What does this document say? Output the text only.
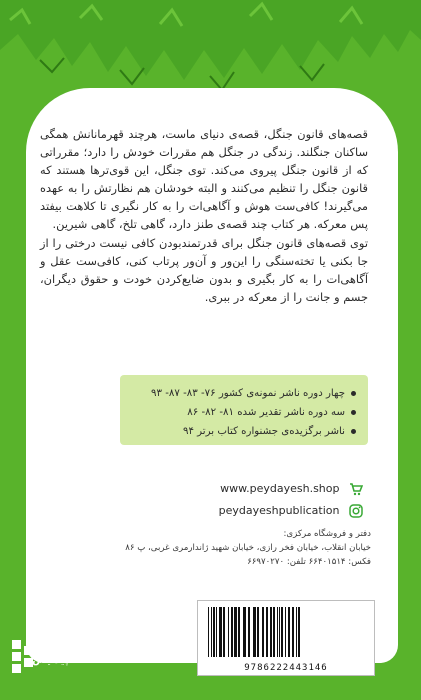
قصه‌های قانون جنگل، قصه‌ی دنیای ماست، هرچند قهرمانانش همگی ساکنان جنگلند. زندگی در جنگل هم مقررات خودش را دارد؛ مقرراتی که از قانون جنگل پیروی می‌کند. توی جنگل، این قوی‌ترها هستند که قانون جنگل را تنظیم می‌کنند و البته خودشان هم نظارتش را به عهده می‌گیرند! کافی‌ست هوش و آگاهی‌ات را به کار نگیری تا کلاهت بیفتد پس معرکه. هر کتاب چند قصه‌ی طنز دارد، گاهی تلخ، گاهی شیرین.

توی قصه‌های قانون جنگل برای قدرتمندبودن کافی نیست درختی را از جا بکنی یا تخته‌سنگی را این‌ور و آن‌ور پرتاب کنی، کافی‌ست عقل و آگاهی‌ات را به کار بگیری و بدون ضایع‌کردن خودت و حقوق دیگران، جسم و جانت را از معرکه در ببری.

چهار دوره ناشر نمونه‌ی کشور ۷۶- ۸۳- ۸۷- ۹۳
سه دوره ناشر تقدیر شده ۸۱- ۸۲- ۸۶
ناشر برگزیده‌ی جشنواره کتاب برتر ۹۴
www.peydayesh.shop
peydayeshpublication
دفتر و فروشگاه مرکزی:
خیابان انقلاب، خیابان فخر رازی، خیابان شهید ژاندارمری غربی، پ ۸۶
فکس: ۶۶۴۰۱۵۱۴ تلفن: ۶۶۹۷۰۲۷۰
9786222443146
پیدایش
